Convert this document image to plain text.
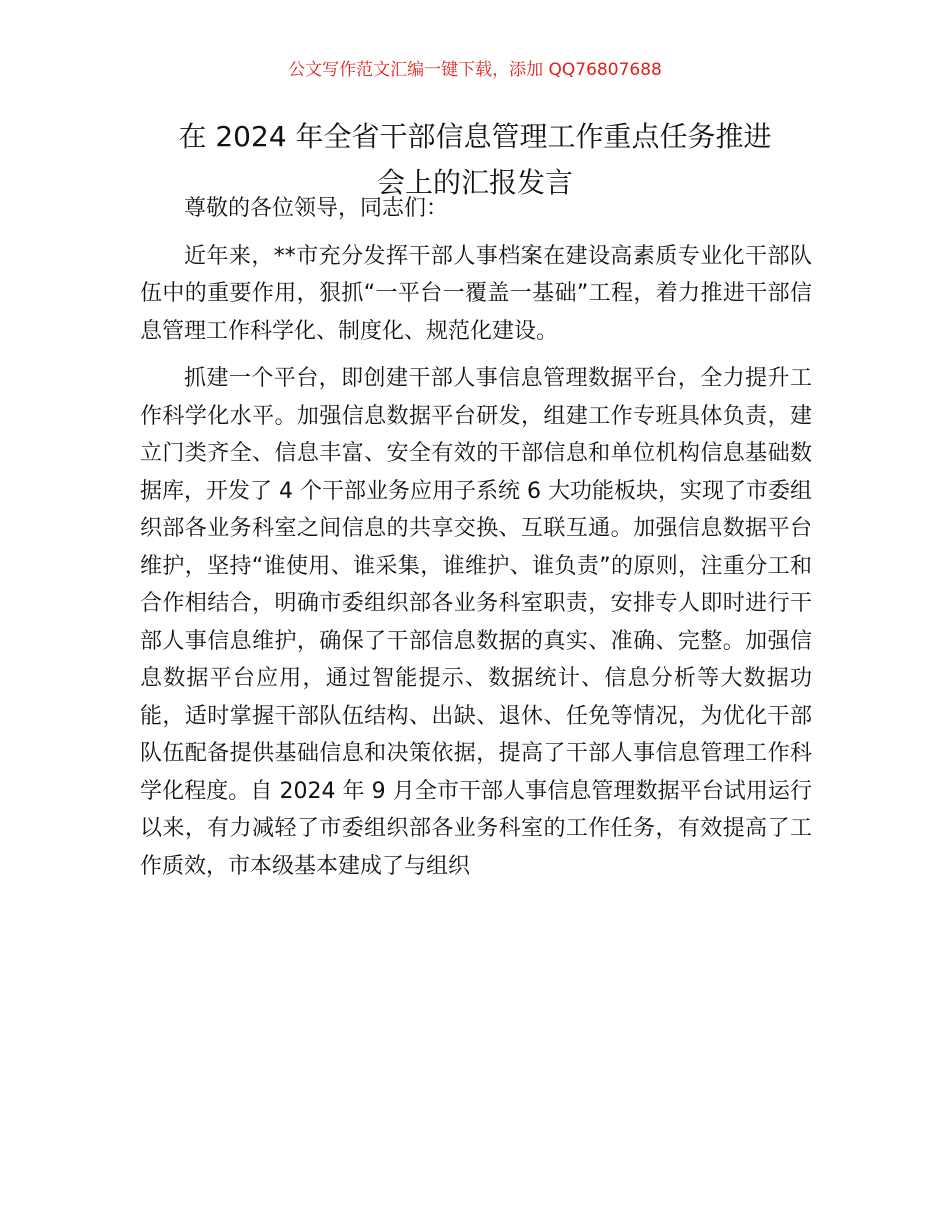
公文写作范文汇编一键下载，添加 QQ76807688
在 2024 年全省干部信息管理工作重点任务推进
会上的汇报发言

尊敬的各位领导，同志们：

近年来，**市充分发挥干部人事档案在建设高素质专业化干部队伍中的重要作用，狠抓“一平台一覆盖一基础”工程，着力推进干部信息管理工作科学化、制度化、规范化建设。

抓建一个平台，即创建干部人事信息管理数据平台，全力提升工作科学化水平。加强信息数据平台研发，组建工作专班具体负责，建立门类齐全、信息丰富、安全有效的干部信息和单位机构信息基础数据库，开发了 4 个干部业务应用子系统 6 大功能板块，实现了市委组织部各业务科室之间信息的共享交换、互联互通。加强信息数据平台维护，坚持“谁使用、谁采集，谁维护、谁负责”的原则，注重分工和合作相结合，明确市委组织部各业务科室职责，安排专人即时进行干部人事信息维护，确保了干部信息数据的真实、准确、完整。加强信息数据平台应用，通过智能提示、数据统计、信息分析等大数据功能，适时掌握干部队伍结构、出缺、退休、任免等情况，为优化干部队伍配备提供基础信息和决策依据，提高了干部人事信息管理工作科学化程度。自 2024 年 9 月全市干部人事信息管理数据平台试用运行以来，有力减轻了市委组织部各业务科室的工作任务，有效提高了工作质效，市本级基本建成了与组织
